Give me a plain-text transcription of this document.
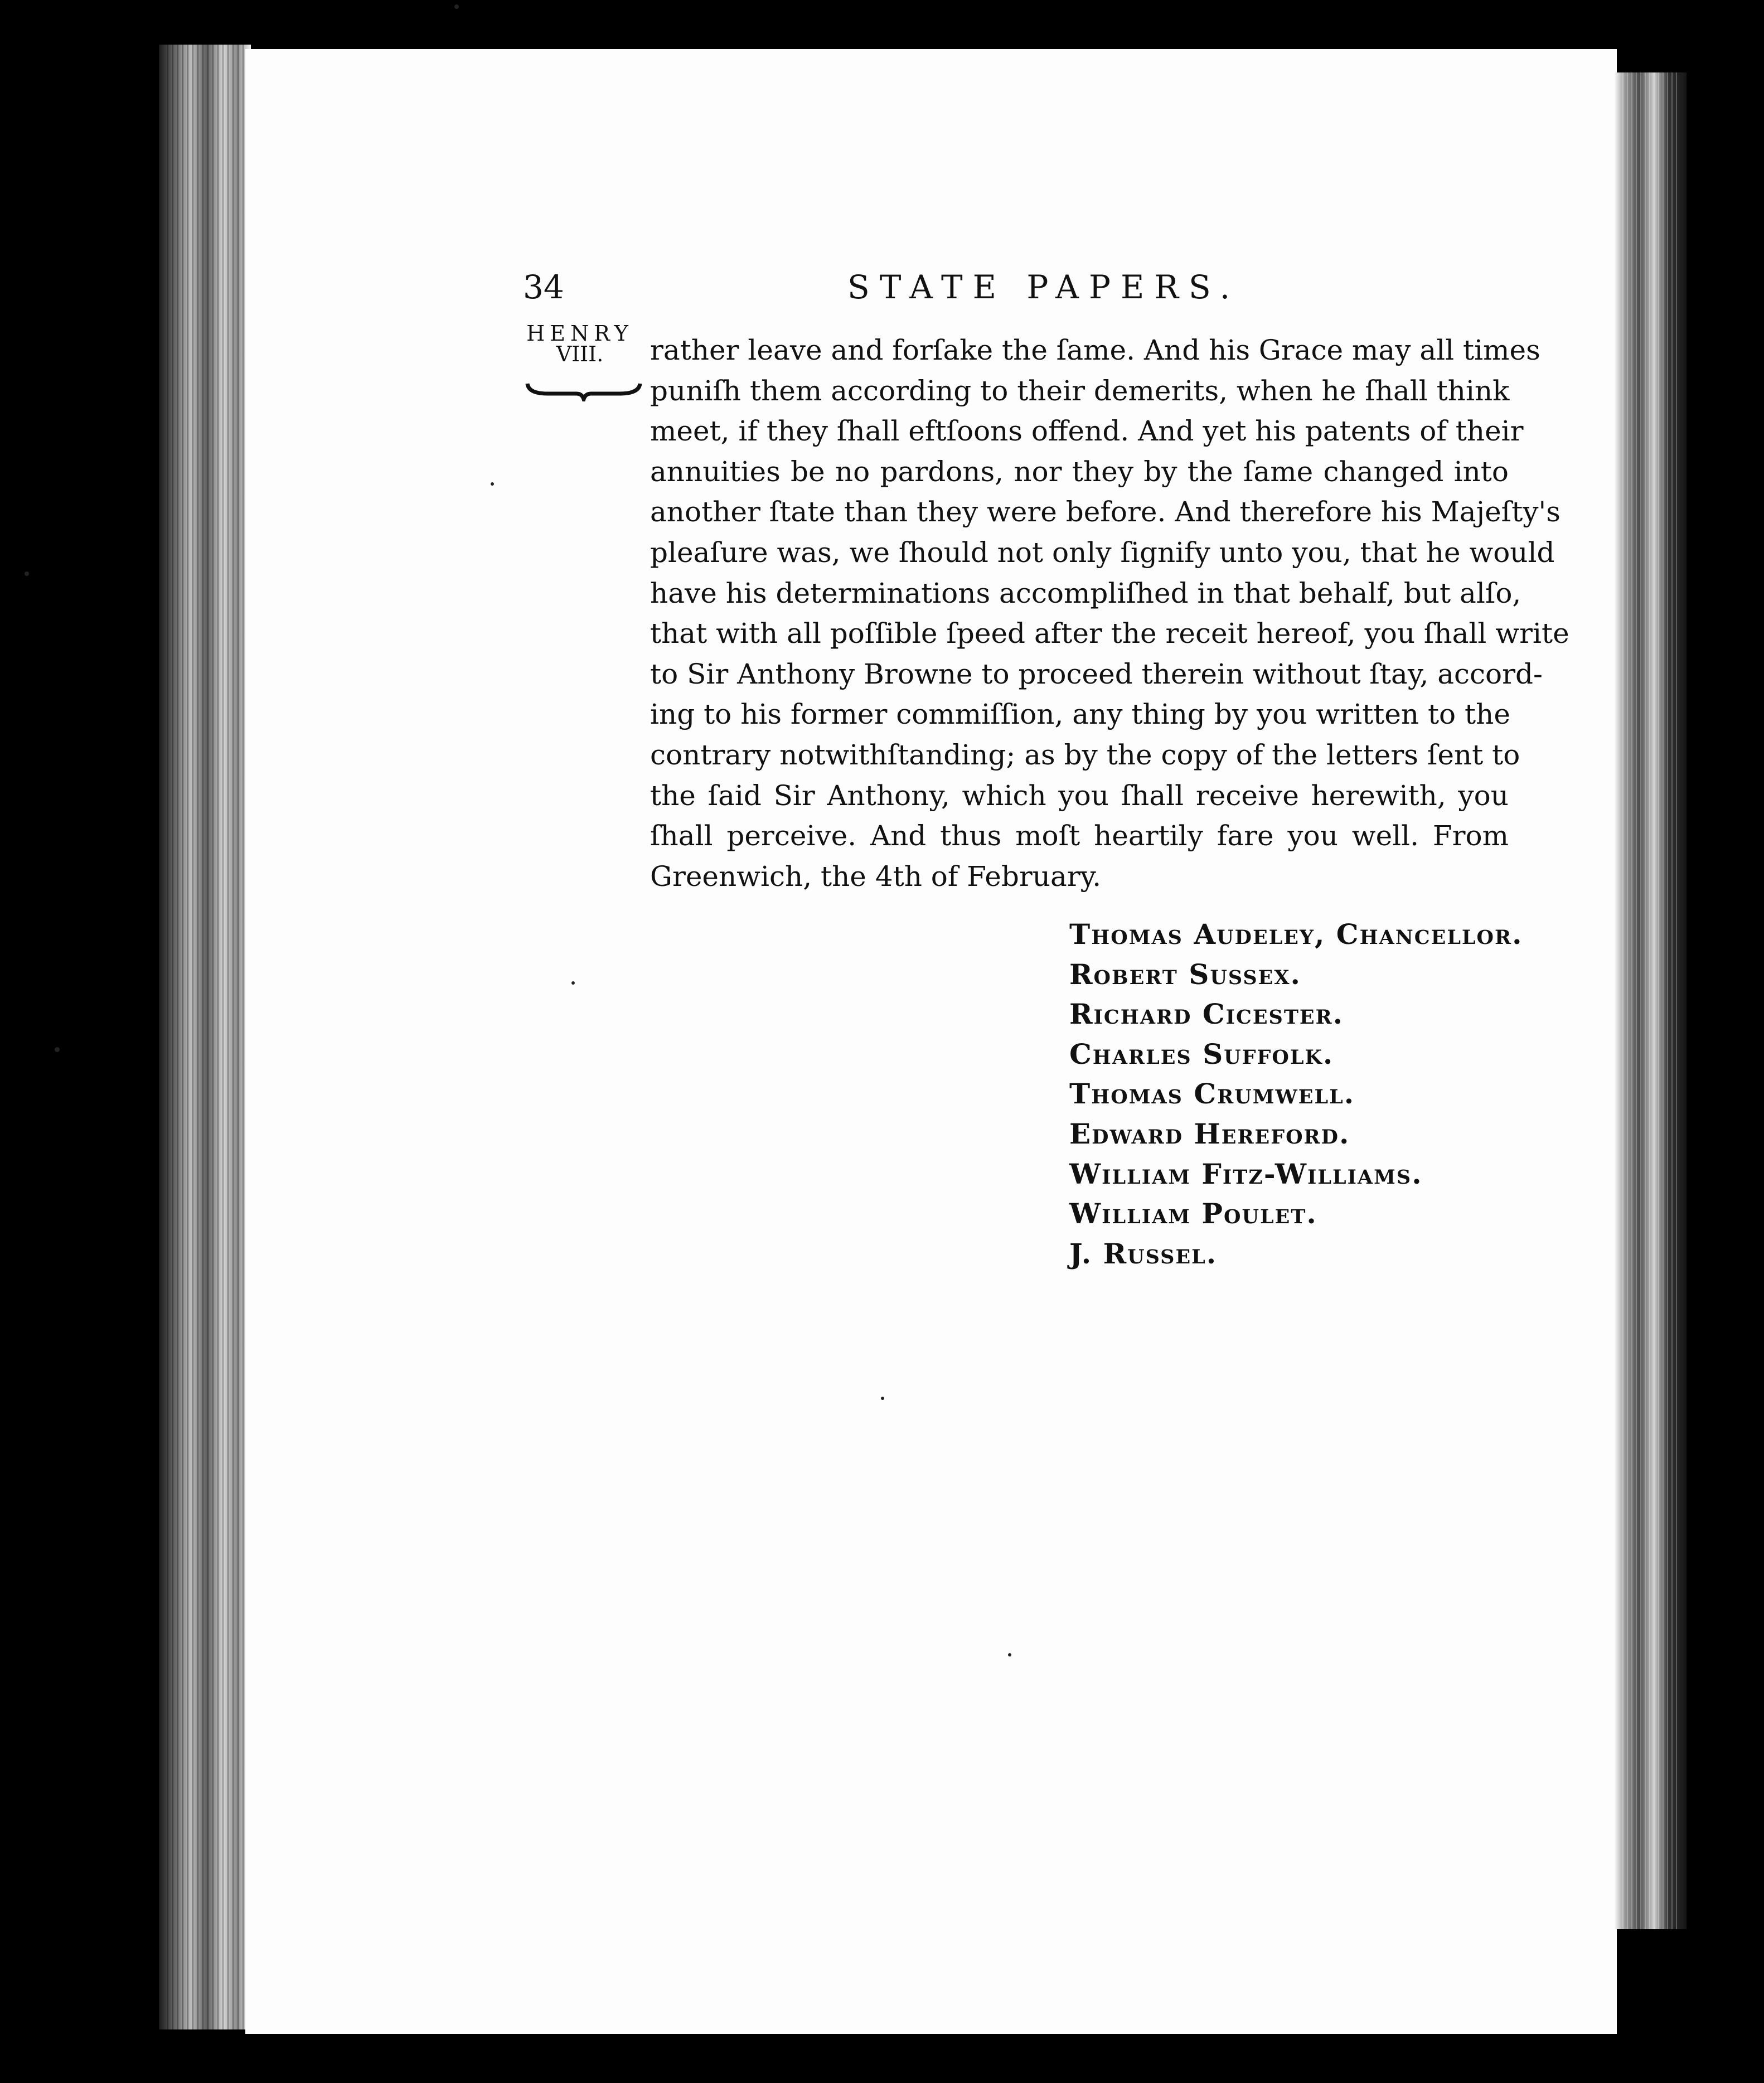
34	STATE PAPERS.
HENRY
VIII.	rather leave and forſake the ſame. And his Grace may all times
puniſh them according to their demerits, when he ſhall think
meet, if they ſhall eftſoons offend. And yet his patents of their
annuities be no pardons, nor they by the ſame changed into
another ſtate than they were before. And therefore his Majeſty's
pleaſure was, we ſhould not only ſignify unto you, that he would
have his determinations accompliſhed in that behalf, but alſo,
that with all poſſible ſpeed after the receit hereof, you ſhall write
to Sir Anthony Browne to proceed therein without ſtay, accord-
ing to his former commiſſion, any thing by you written to the
contrary notwithſtanding; as by the copy of the letters ſent to
the ſaid Sir Anthony, which you ſhall receive herewith, you
ſhall perceive. And thus moſt heartily fare you well. From
Greenwich, the 4th of February.
Thomas Audeley, Chancellor.
Robert Sussex.
Richard Cicester.
Charles Suffolk.
Thomas Crumwell.
Edward Hereford.
William Fitz-Williams.
William Poulet.
J. Russel.
